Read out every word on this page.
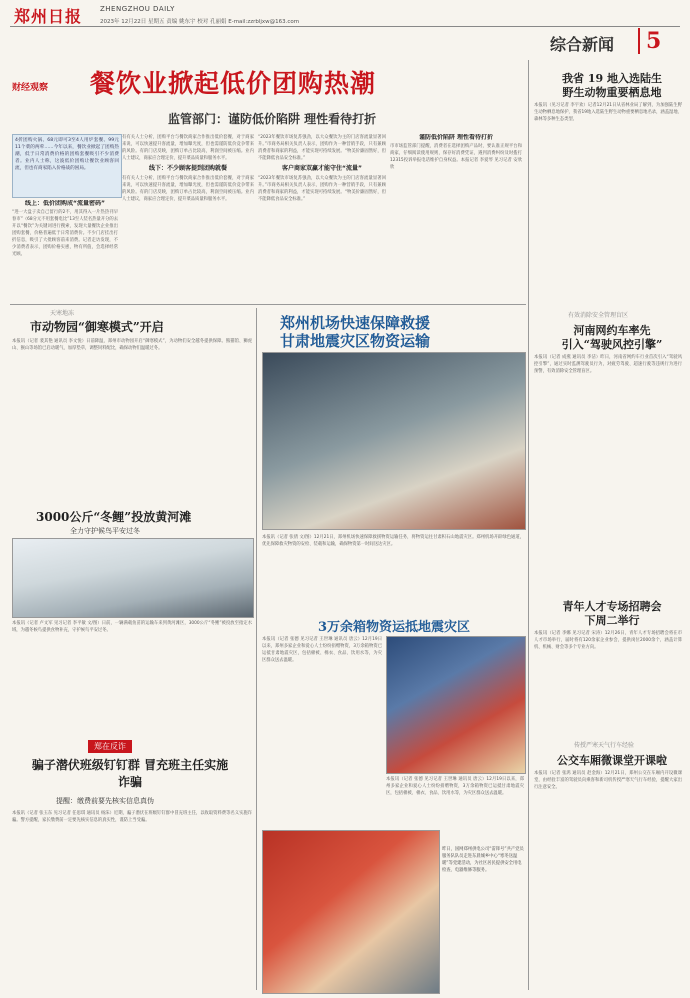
郑州日报	ZHENGZHOU DAILY
2023年 12月22日 星期五 责编 姚东宇 校对 孔丽娟 E-mail:zzrbljxw@163.com
综合新闻	5
财经观察 餐饮业掀起低价团购热潮
监管部门：谨防低价陷阱 理性看待打折
4折团购火锅、68元即可3至4人用炉套餐、99元11个菜的两荤……今年以来，餐饮业掀起了团购热潮，低于日常消费价格的团购套餐吸引不少消费者。业内人士称，这波低价团购让餐饮业顾客回流，但也有商家陷入价格战的困局。
线上：低价团购成“流量密码”
“进一大盘子卖自己留行的2不，用其得入一片热热刊早春市”（68分元不用套餐电比”13至人装名热量开分的去开以“餐饮”为关键词进行搜索，发现大量餐饮企业推出团购套餐，价格普遍低于日常消费价。不少门店挂出打折信息，吸引了大批顾客前来消费。记者走访发现，不少消费者表示，团购价格实惠，物有所值，会选择经常光顾。
有有关人士分析，团购平台与餐饮商家合作推出低价套餐，对于商家来说，可以快速提升客流量，增加曝光度，但也需谨防低价竞争带来的风险。有的门店反映，团购订单占比较高，利润空间被压缩。业内人士建议，商家应合理定价，提升菜品质量和服务水平。
线下：不少顾客提到团购就餐
有有关人士分析，团购平台与餐饮商家合作推出低价套餐，对于商家来说，可以快速提升客流量，增加曝光度，但也需谨防低价竞争带来的风险。有的门店反映，团购订单占比较高，利润空间被压缩。业内人士建议，商家应合理定价，提升菜品质量和服务水平。
“2023年餐饮市场复苏强劲，以大众餐饮为主的门店客流量显著回升。”市商务局相关负责人表示，团购作为一种营销手段，只有兼顾消费者和商家的利益，才能实现可持续发展。“物美价廉固然好，但不能降低食品安全标准。”
客户商家双赢才能守住“流量”
“2023年餐饮市场复苏强劲，以大众餐饮为主的门店客流量显著回升。”市商务局相关负责人表示，团购作为一种营销手段，只有兼顾消费者和商家的利益，才能实现可持续发展。“物美价廉固然好，但不能降低食品安全标准。”
谨防低价陷阱 理性看待打折
市市场监管部门提醒，消费者在选择团购产品时，要认准正规平台和商家，仔细阅读使用规则，保存好消费凭证，遇到消费纠纷及时拨打12315投诉举报电话维护自身权益。本报记者 李爱琴 见习记者 安欣欣
天寒地冻
市动物园“御寒模式”开启
本报讯（记者 裴其艳 通讯员 李文悦）日前降温，郑州市动物园开启“御寒模式”，为动物们安全越冬提供保障。熊猫馆、狮虎山、猴山等场馆已启动暖气、加厚垫草，调整饲料配比，确保动物们温暖过冬。
3000公斤“冬鲤”投放黄河滩
全力守护候鸟平安过冬
本报讯（记者 卢文军 见习记者 李平敏 文/图）日前，一辆满载鱼苗的运输车来到黄河滩区，3000公斤“冬鲤”被投放至指定水域，为越冬候鸟提供食物补充，守护候鸟平安过冬。
郑在反诈
骗子潜伏班级钉钉群 冒充班主任实施诈骗
提醒：缴费前要先核实信息真伪
本报讯（记者 张玉东 见习记者 任思琪 通讯员 杨沫）近期，骗子潜伏在班级钉钉群中冒充班主任，以收取资料费等名义实施诈骗。警方提醒，家长缴费前一定要先核实信息的真实性，谨防上当受骗。
郑州机场快速保障救援
甘肃地震灾区物资运输
本报讯（记者 张倩 文/图）12月21日，郑州机场快速保障救援物资运输任务，将物资运往甘肃积石山地震灾区。郑州机场开辟绿色通道，优先保障救灾物资的安检、装载和运输，确保物资第一时间送达灾区。
3万余箱物资运抵地震灾区
本报讯（记者 张德 见习记者 王世琳 通讯员 唐云）12月19日以来，郑州多家企业和爱心人士纷纷捐赠物资，3万余箱物资已运抵甘肃地震灾区，包括棉被、棉衣、食品、饮用水等，为灾区群众送去温暖。
本报讯（记者 张德 见习记者 王世琳 通讯员 唐云）12月19日以来，郑州多家企业和爱心人士纷纷捐赠物资，3万余箱物资已运抵甘肃地震灾区，包括棉被、棉衣、食品、饮用水等，为灾区群众送去温暖。
昨日，国网郑州供电公司“雷锋号”共产党员服务队队员走进东晨城乡中心“寒冬送温暖”等党建活动，为社区居民提供安全用电检查、电器维修等服务。
我省 19 地入选陆生
野生动物重要栖息地
本报讯（见习记者 李宇欢）记者12月21日从省林业局了解到，为加强陆生野生动物栖息地保护，我省19地入选陆生野生动物重要栖息地名录，涵盖湿地、森林等多种生态类型。
有效消除安全管理盲区
河南网约车率先
引入“驾驶风控引擎”
本报讯（记者 成燕 通讯员 李洁）昨日，河南省网约车行业首次引入“驾驶风控引擎”，通过实时监测驾驶员行为，对疲劳驾驶、超速行驶等违规行为进行预警，有效消除安全管理盲区。
青年人才专场招聘会
下周二举行
本报讯（记者 李娜 见习记者 宋涛）12月26日，青年人才专场招聘会将在市人才市场举行，届时将有120余家企业参会，提供岗位2000余个，涵盖计算机、机械、财会等多个专业方向。
传授严寒天气行车经验
公交车厢微课堂开课啦
本报讯（记者 张鸿 通讯员 赵金海）12月21日，郑州公交在车厢内开设微课堂，由经验丰富的驾驶员向乘客和新司机传授严寒天气行车经验，提醒大家出行注意安全。
